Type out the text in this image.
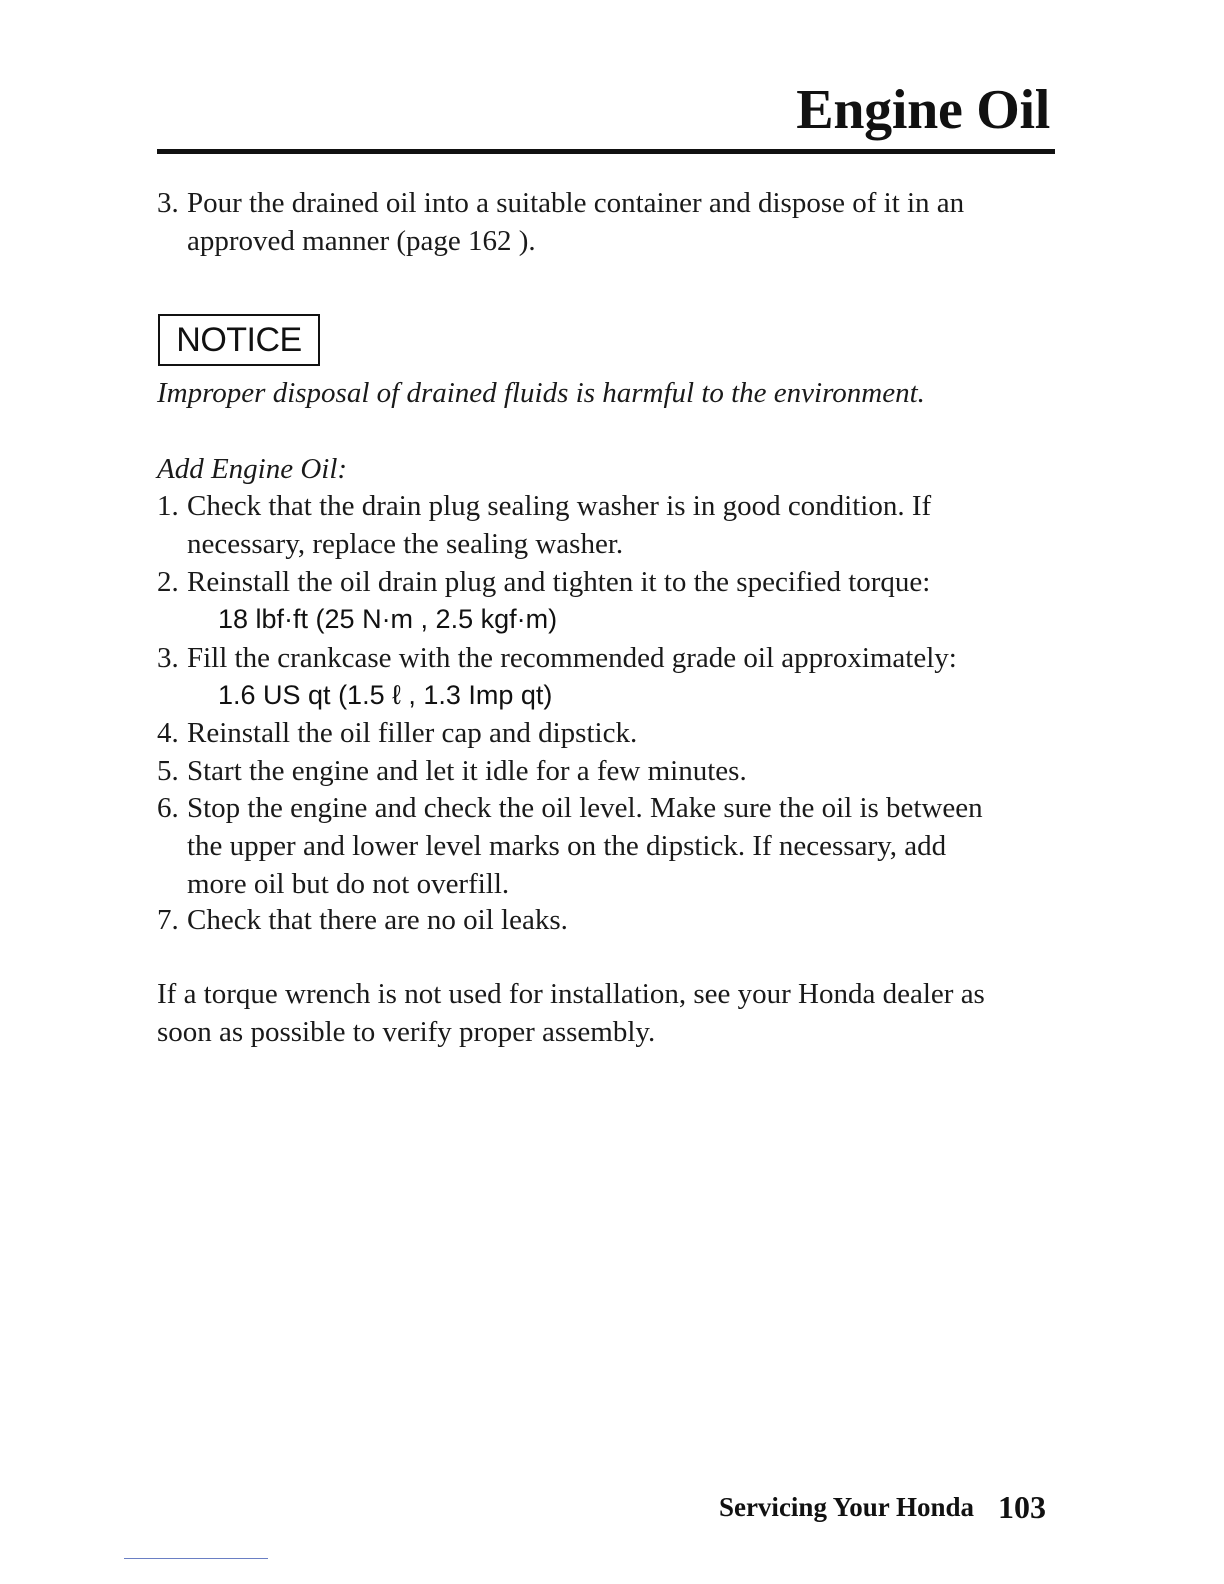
Engine Oil
3. Pour the drained oil into a suitable container and dispose of it in an
approved manner (page 162 ).
NOTICE
Improper disposal of drained fluids is harmful to the environment.
Add Engine Oil:
1. Check that the drain plug sealing washer is in good condition. If
necessary, replace the sealing washer.
2. Reinstall the oil drain plug and tighten it to the specified torque:
18 lbf·ft (25 N·m , 2.5 kgf·m)
3. Fill the crankcase with the recommended grade oil approximately:
1.6 US qt (1.5 ℓ , 1.3 Imp qt)
4. Reinstall the oil filler cap and dipstick.
5. Start the engine and let it idle for a few minutes.
6. Stop the engine and check the oil level. Make sure the oil is between
the upper and lower level marks on the dipstick. If necessary, add
more oil but do not overfill.
7. Check that there are no oil leaks.
If a torque wrench is not used for installation, see your Honda dealer as
soon as possible to verify proper assembly.
Servicing Your Honda 103
